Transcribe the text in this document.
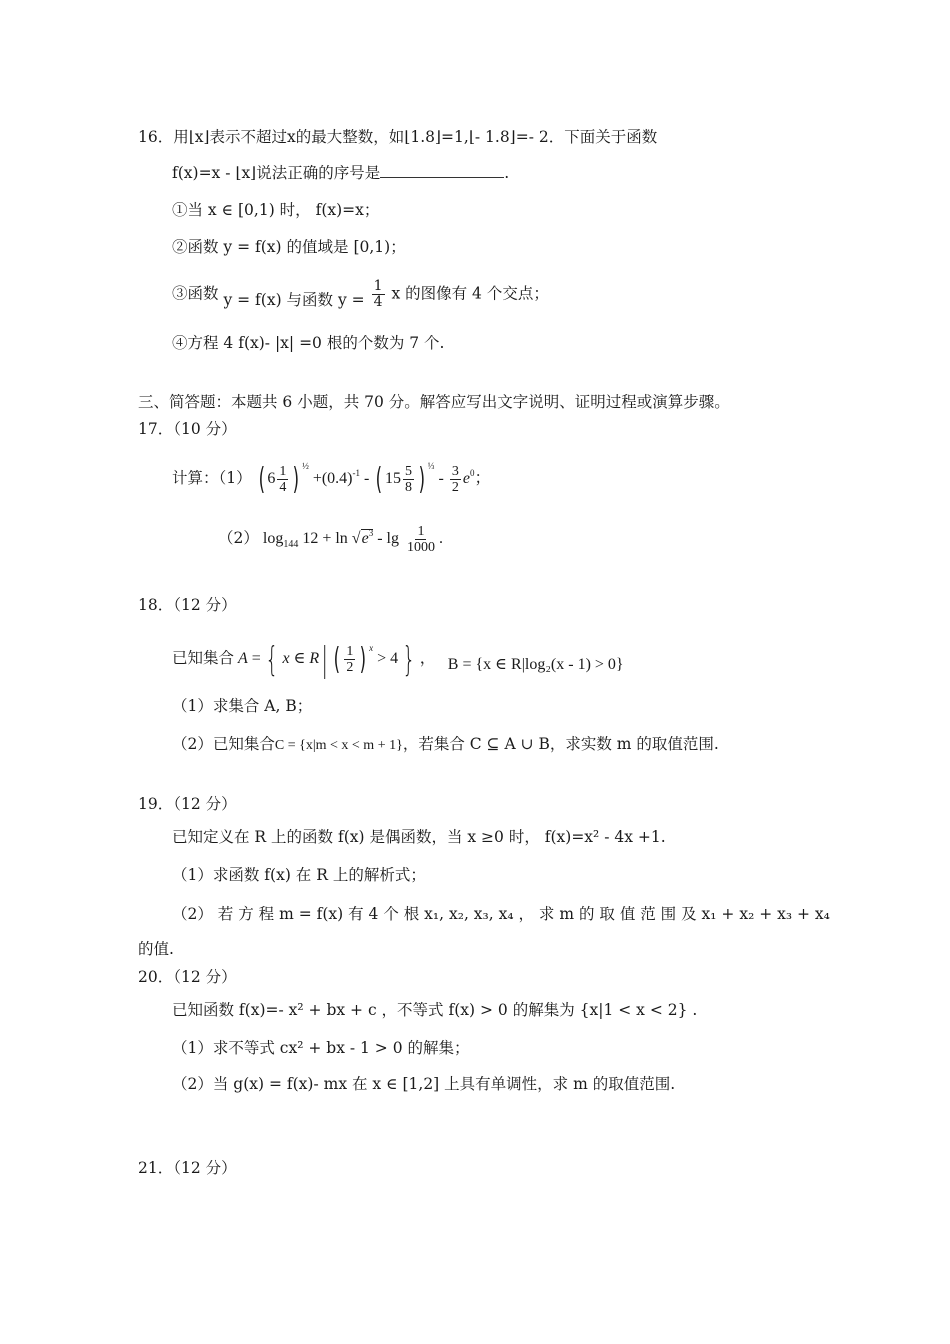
16．用⌊x⌋表示不超过x的最大整数，如⌊1.8⌋=1,⌊- 1.8⌋=- 2．下面关于函数
f(x)=x - ⌊x⌋说法正确的序号是	.
①当 x ∈ [0,1) 时， f(x)=x；
②函数 y = f(x) 的值域是 [0,1)；
③函数 y = f(x) 与函数 $y = \frac{1}{4}$ x 的图像有 4 个交点；
④方程 4 f(x)- |x| =0 根的个数为 7 个.
三、简答题：本题共 6 小题，共 70 分。解答应写出文字说明、证明过程或演算步骤。
17．（10 分）
计算：（1） ( $6 \frac{1}{4}$ ) $^{\frac{1}{2}} +(0.4)^{-1}$ - ( $15 \frac{5}{8}$ ) $^{\frac{1}{3}} - \frac{3}{2} e^0$；
（2） $\log_{144} 12 + \ln √e^3 - \lg \frac{1}{1000}$ .
18．（12 分）
已知集合 A = { x ∈ R| ( $\frac{1}{2}$ ) $^x$ > 4 } ， B = {x ∈ R|log₂(x - 1) > 0}
（1）求集合 A, B；
（2）已知集合C = {x|m < x < m + 1}，若集合 C ⊆ A ∪ B，求实数 m 的取值范围.
19．（12 分）
已知定义在 R 上的函数 f(x) 是偶函数，当 x ≥0 时， f(x)=x² - 4x +1.
（1）求函数 f(x) 在 R 上的解析式；
（2） 若 方 程 m = f(x) 有 4 个 根 x₁, x₂, x₃, x₄ ， 求 m 的 取 值 范 围 及 x₁ + x₂ + x₃ + x₄
的值.
20．（12 分）
已知函数 f(x)=- x² + bx + c ，不等式 f(x) > 0 的解集为 {x|1 < x < 2} .
（1）求不等式 cx² + bx - 1 > 0 的解集；
（2）当 g(x) = f(x)- mx 在 x ∈ [1,2] 上具有单调性，求 m 的取值范围.
21．（12 分）
